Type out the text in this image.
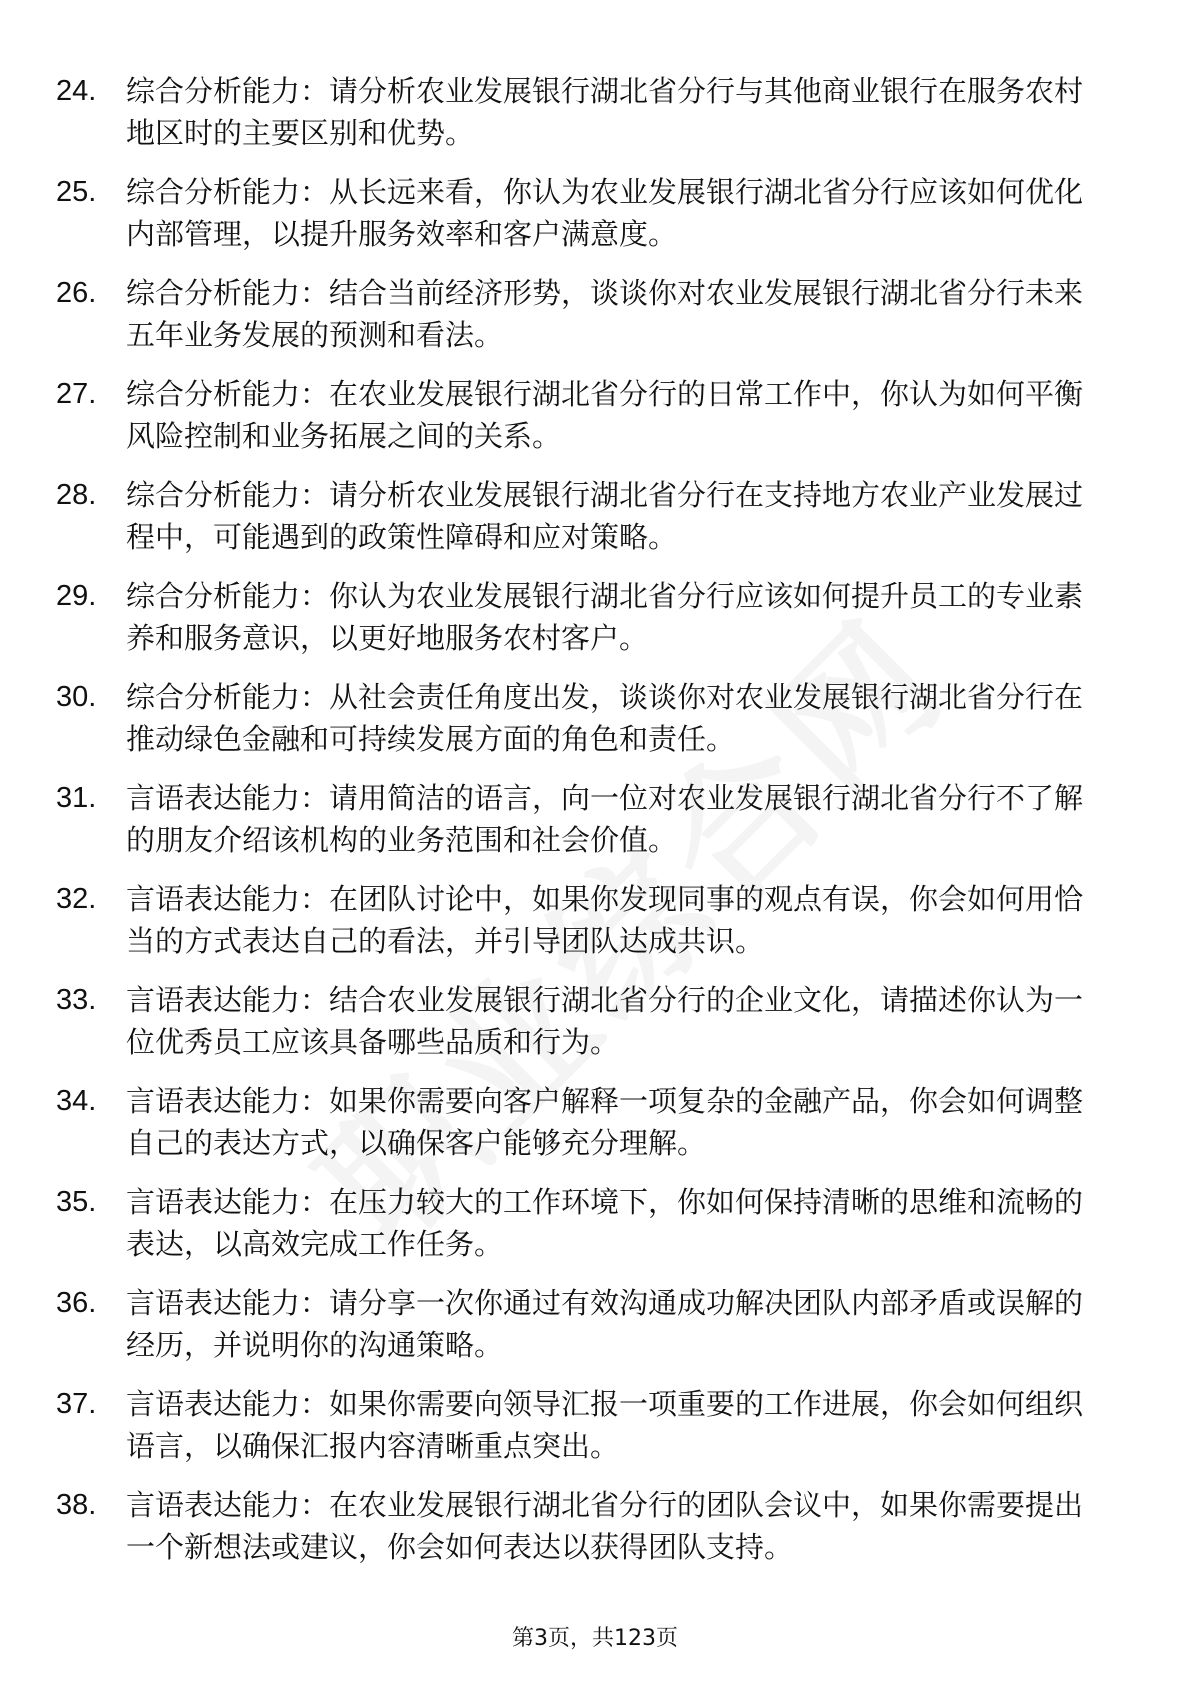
24.	综合分析能力：请分析农业发展银行湖北省分行与其他商业银行在服务农村地区时的主要区别和优势。
25.	综合分析能力：从长远来看，你认为农业发展银行湖北省分行应该如何优化内部管理，以提升服务效率和客户满意度。
26.	综合分析能力：结合当前经济形势，谈谈你对农业发展银行湖北省分行未来五年业务发展的预测和看法。
27.	综合分析能力：在农业发展银行湖北省分行的日常工作中，你认为如何平衡风险控制和业务拓展之间的关系。
28.	综合分析能力：请分析农业发展银行湖北省分行在支持地方农业产业发展过程中，可能遇到的政策性障碍和应对策略。
29.	综合分析能力：你认为农业发展银行湖北省分行应该如何提升员工的专业素养和服务意识，以更好地服务农村客户。
30.	综合分析能力：从社会责任角度出发，谈谈你对农业发展银行湖北省分行在推动绿色金融和可持续发展方面的角色和责任。
31.	言语表达能力：请用简洁的语言，向一位对农业发展银行湖北省分行不了解的朋友介绍该机构的业务范围和社会价值。
32.	言语表达能力：在团队讨论中，如果你发现同事的观点有误，你会如何用恰当的方式表达自己的看法，并引导团队达成共识。
33.	言语表达能力：结合农业发展银行湖北省分行的企业文化，请描述你认为一位优秀员工应该具备哪些品质和行为。
34.	言语表达能力：如果你需要向客户解释一项复杂的金融产品，你会如何调整自己的表达方式，以确保客户能够充分理解。
35.	言语表达能力：在压力较大的工作环境下，你如何保持清晰的思维和流畅的表达，以高效完成工作任务。
36.	言语表达能力：请分享一次你通过有效沟通成功解决团队内部矛盾或误解的经历，并说明你的沟通策略。
37.	言语表达能力：如果你需要向领导汇报一项重要的工作进展，你会如何组织语言，以确保汇报内容清晰重点突出。
38.	言语表达能力：在农业发展银行湖北省分行的团队会议中，如果你需要提出一个新想法或建议，你会如何表达以获得团队支持。
第3页，共123页
